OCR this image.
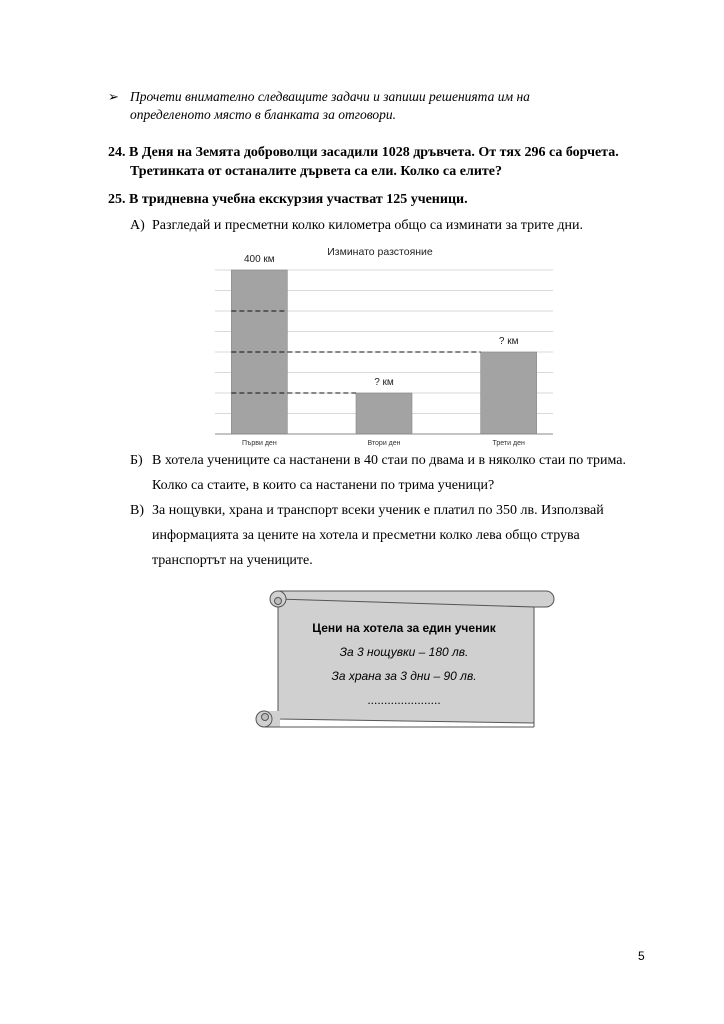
➢ Прочети внимателно следващите задачи и запиши решенията им на определеното място в бланката за отговори.
24. В Деня на Земята доброволци засадили 1028 дръвчета. От тях 296 са борчета.
Третинката от останалите дървета са ели. Колко са елите?
25. В тридневна учебна екскурзия участват 125 ученици.
А) Разгледай и пресметни колко километра общо са изминати за трите дни.
Изминато разстояние
400 км
? км
? км
Първи ден	Втори ден	Трети ден
Б) В хотела учениците са настанени в 40 стаи по двама и в няколко стаи по трима. Колко са стаите, в които са настанени по трима ученици?
В) За нощувки, храна и транспорт всеки ученик е платил по 350 лв. Използвай информацията за цените на хотела и пресметни колко лева общо струва транспортът на учениците.
Цени на хотела за един ученик
За 3 нощувки – 180 лв.
За храна за 3 дни – 90 лв.
......................
5
